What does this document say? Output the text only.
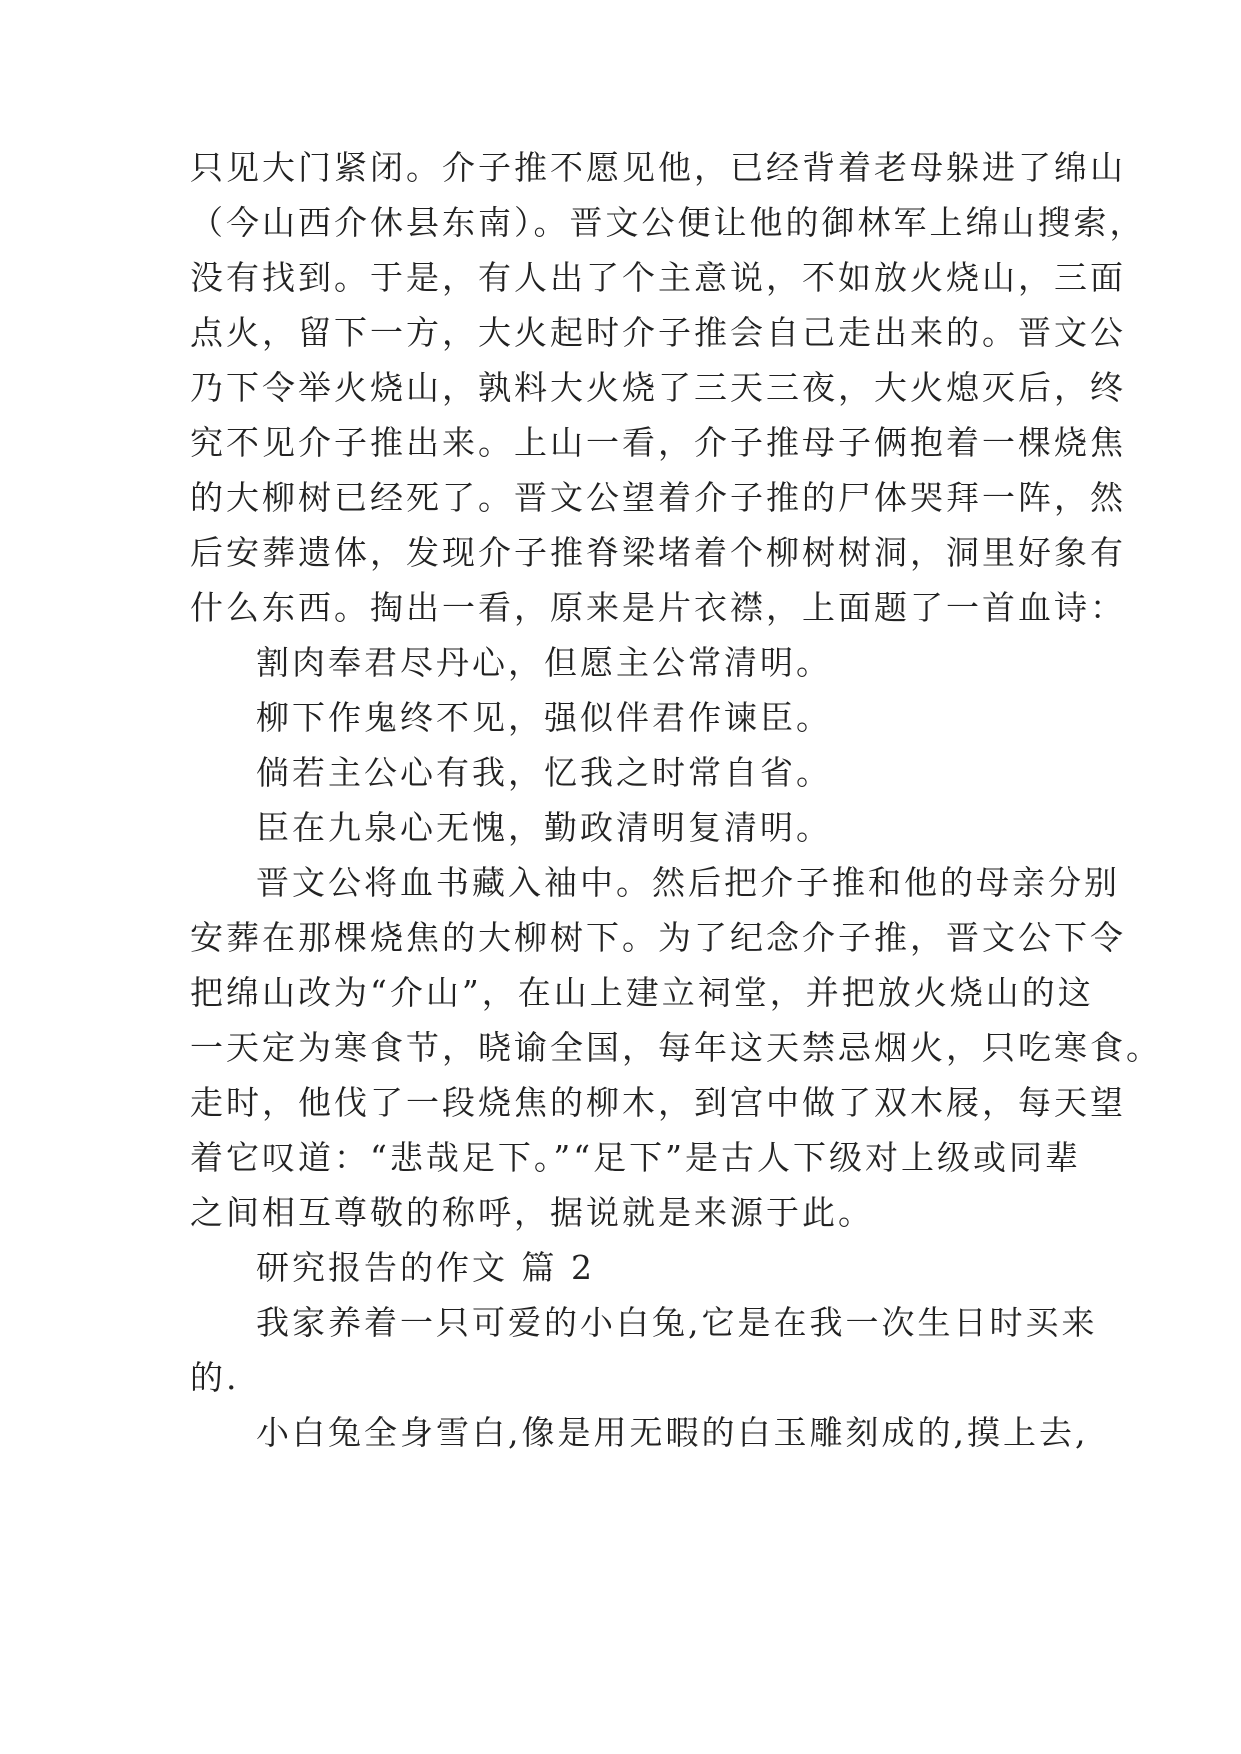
只见大门紧闭。介子推不愿见他，已经背着老母躲进了绵山
（今山西介休县东南）。晋文公便让他的御林军上绵山搜索，
没有找到。于是，有人出了个主意说，不如放火烧山，三面
点火，留下一方，大火起时介子推会自己走出来的。晋文公
乃下令举火烧山，孰料大火烧了三天三夜，大火熄灭后，终
究不见介子推出来。上山一看，介子推母子俩抱着一棵烧焦
的大柳树已经死了。晋文公望着介子推的尸体哭拜一阵，然
后安葬遗体，发现介子推脊梁堵着个柳树树洞，洞里好象有
什么东西。掏出一看，原来是片衣襟，上面题了一首血诗：
割肉奉君尽丹心，但愿主公常清明。
柳下作鬼终不见，强似伴君作谏臣。
倘若主公心有我，忆我之时常自省。
臣在九泉心无愧，勤政清明复清明。
晋文公将血书藏入袖中。然后把介子推和他的母亲分别
安葬在那棵烧焦的大柳树下。为了纪念介子推，晋文公下令
把绵山改为“介山”，在山上建立祠堂，并把放火烧山的这
一天定为寒食节，晓谕全国，每年这天禁忌烟火，只吃寒食。
走时，他伐了一段烧焦的柳木，到宫中做了双木屐，每天望
着它叹道：“悲哉足下。”“足下”是古人下级对上级或同辈
之间相互尊敬的称呼，据说就是来源于此。
研究报告的作文 篇 2
我家养着一只可爱的小白兔,它是在我一次生日时买来
的.
小白兔全身雪白,像是用无暇的白玉雕刻成的,摸上去,
